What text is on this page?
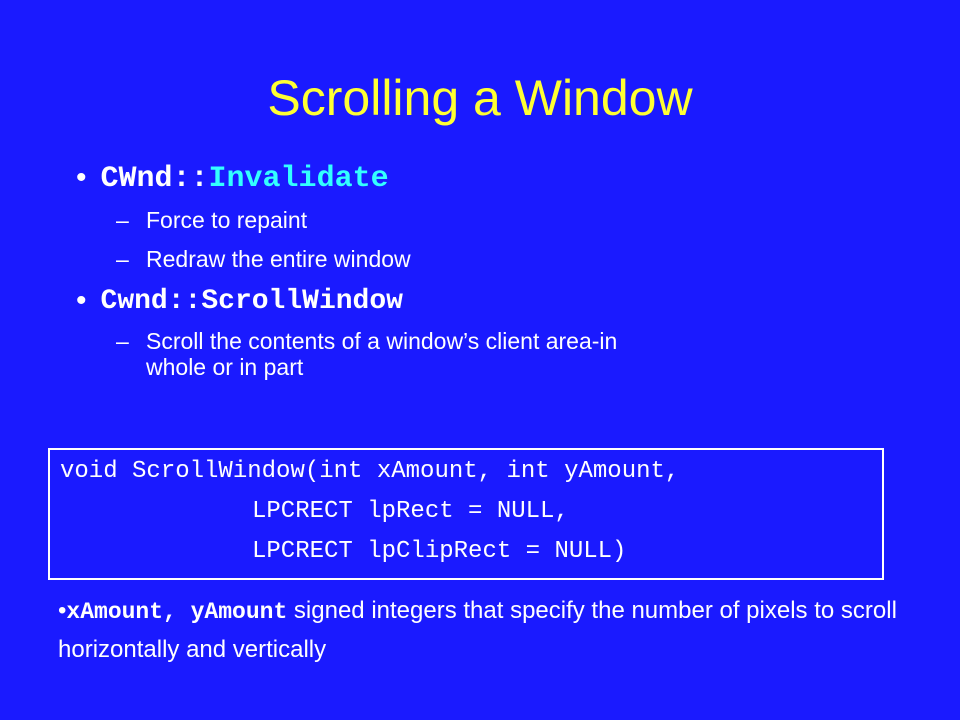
Scrolling a Window
• CWnd::Invalidate
– Force to repaint
– Redraw the entire window
• Cwnd::ScrollWindow
– Scroll the contents of a window’s client area-in
whole or in part
void ScrollWindow(int xAmount, int yAmount,
LPCRECT lpRect = NULL,
LPCRECT lpClipRect = NULL)
•xAmount, yAmount signed integers that specify the number of pixels to scroll horizontally and vertically
